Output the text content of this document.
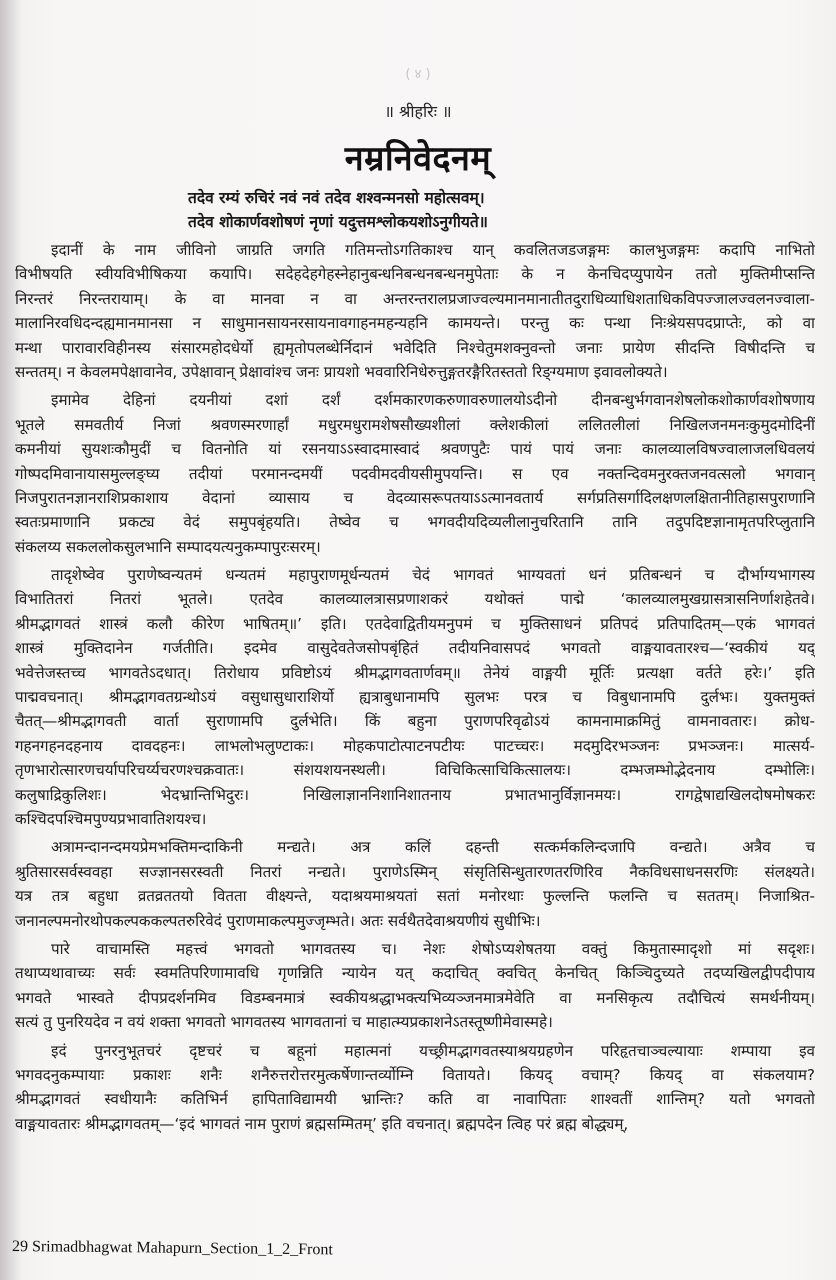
( ४ )
॥ श्रीहरिः ॥
नम्रनिवेदनम्
तदेव रम्यं रुचिरं नवं नवं तदेव शश्वन्मनसो महोत्सवम्।
तदेव शोकार्णवशोषणं नृणां यदुत्तमश्लोकयशोऽनुगीयते॥
इदानीं के नाम जीविनो जाग्रति जगति गतिमन्तोऽगतिकाश्च यान् कवलितजडजङ्गमः कालभुजङ्गमः कदापि नाभितो
विभीषयति स्वीयविभीषिकया कयापि। सदेहदेहगेहस्नेहानुबन्धनिबन्धनबन्धनमुपेताः के न केनचिदप्युपायेन ततो मुक्तिमीप्सन्ति
निरन्तरं निरन्तरायाम्। के वा मानवा न वा अन्तरन्तरालप्रजाज्वल्यमानमानातीतदुराधिव्याधिशताधिकविपज्जालज्वलनज्वाला-
मालानिरवधिदन्दह्यमानमानसा न साधुमानसायनरसायनावगाहनमहन्यहनि कामयन्ते। परन्तु कः पन्था निःश्रेयसपदप्राप्तेः, को वा
मन्था पारावारविहीनस्य संसारमहोदधेर्यो ह्यमृतोपलब्धेर्निदानं भवेदिति निश्चेतुमशक्नुवन्तो जनाः प्रायेण सीदन्ति विषीदन्ति च
सन्ततम्। न केवलमपेक्षावानेव, उपेक्षावान् प्रेक्षावांश्च जनः प्रायशो भववारिनिधेरुत्तुङ्गतरङ्गैरितस्ततो रिङ्ग्यमाण इवावलोक्यते।
इमामेव देहिनां दयनीयां दशां दर्शं दर्शमकारणकरुणावरुणालयोऽदीनो दीनबन्धुर्भगवानशेषलोकशोकार्णवशोषणाय
भूतले समवतीर्य निजां श्रवणस्मरणार्हां मधुरमधुरामशेषसौख्यशीलां क्लेशकीलां ललितलीलां निखिलजनमनःकुमुदमोदिनीं
कमनीयां सुयशःकौमुदीं च वितनोति यां रसनयाऽऽस्वादमास्वादं श्रवणपुटैः पायं पायं जनाः कालव्यालविषज्वालाजलधिवलयं
गोष्पदमिवानायासमुल्लङ्घ्य तदीयां परमानन्दमयीं पदवीमदवीयसीमुपयन्ति। स एव नक्तन्दिवमनुरक्तजनवत्सलो भगवान्
निजपुरातनज्ञानराशिप्रकाशाय वेदानां व्यासाय च वेदव्यासरूपतयाऽऽत्मानवतार्य सर्गप्रतिसर्गादिलक्षणलक्षितानीतिहासपुराणानि
स्वतःप्रमाणानि प्रकट्य वेदं समुपबृंहयति। तेष्वेव च भगवदीयदिव्यलीलानुचरितानि तानि तदुपदिष्टज्ञानामृतपरिप्लुतानि
संकलय्य सकललोकसुलभानि सम्पादयत्यनुकम्पापुरःसरम्।
तादृशेष्वेव पुराणेष्वन्यतमं धन्यतमं महापुराणमूर्धन्यतमं चेदं भागवतं भाग्यवतां धनं प्रतिबन्धनं च दौर्भाग्यभागस्य
विभातितरां नितरां भूतले। एतदेव कालव्यालत्रासप्रणाशकरं यथोक्तं पाद्मे ‘कालव्यालमुखग्रासत्रासनिर्णाशहेतवे।
श्रीमद्भागवतं शास्त्रं कलौ कीरेण भाषितम्॥’ इति। एतदेवाद्वितीयमनुपमं च मुक्तिसाधनं प्रतिपदं प्रतिपादितम्—एकं भागवतं
शास्त्रं मुक्तिदानेन गर्जतीति। इदमेव वासुदेवतेजसोपबृंहितं तदीयनिवासपदं भगवतो वाङ्मयावतारश्च—‘स्वकीयं यद्
भवेत्तेजस्तच्च भागवतेऽदधात्। तिरोधाय प्रविष्टोऽयं श्रीमद्भागवतार्णवम्॥ तेनेयं वाङ्मयी मूर्तिः प्रत्यक्षा वर्तते हरेः।’ इति
पाद्मवचनात्। श्रीमद्भागवतग्रन्थोऽयं वसुधासुधाराशिर्यो ह्यत्राबुधानामपि सुलभः परत्र च विबुधानामपि दुर्लभः। युक्तमुक्तं
चैतत्—श्रीमद्भागवती वार्ता सुराणामपि दुर्लभेति। किं बहुना पुराणपरिवृढोऽयं कामनामाक्रमितुं वामनावतारः। क्रोध-
गहनगहनदहनाय दावदहनः। लाभलोभलुण्टाकः। मोहकपाटोत्पाटनपटीयः पाटच्चरः। मदमुदिरभञ्जनः प्रभञ्जनः। मात्सर्य-
तृणभारोत्सारणचर्यापरिचर्य्यचरणश्चक्रवातः। संशयशयनस्थली। विचिकित्साचिकित्सालयः। दम्भजम्भोद्भेदनाय दम्भोलिः।
कलुषाद्रिकुलिशः। भेदभ्रान्तिभिदुरः। निखिलाज्ञाननिशानिशातनाय प्रभातभानुर्विज्ञानमयः। रागद्वेषाद्यखिलदोषमोषकरः
कश्चिदपश्चिमपुण्यप्रभावातिशयश्च।
अत्रामन्दानन्दमयप्रेमभक्तिमन्दाकिनी मन्द्यते। अत्र कलिं दहन्ती सत्कर्मकलिन्दजापि वन्द्यते। अत्रैव च
श्रुतिसारसर्वस्ववहा सज्ज्ञानसरस्वती नितरां नन्द्यते। पुराणेऽस्मिन् संसृतिसिन्धुतारणतरणिरिव नैकविधसाधनसरणिः संलक्ष्यते।
यत्र तत्र बहुधा व्रतव्रततयो वितता वीक्ष्यन्ते, यदाश्रयमाश्रयतां सतां मनोरथाः फुल्लन्ति फलन्ति च सततम्। निजाश्रित-
जनानल्पमनोरथोपकल्पककल्पतरुरिवेदं पुराणमाकल्पमुज्जृम्भते। अतः सर्वथैतदेवाश्रयणीयं सुधीभिः।
पारे वाचामस्ति महत्त्वं भगवतो भागवतस्य च। नेशः शेषोऽप्यशेषतया वक्तुं किमुतास्मादृशो मां सदृशः।
तथाप्यथावाच्यः सर्वः स्वमतिपरिणामावधि गृणन्निति न्यायेन यत् कदाचित् क्वचित् केनचित् किञ्चिदुच्यते तदप्यखिलद्वीपदीपाय
भगवते भास्वते दीपप्रदर्शनमिव विडम्बनमात्रं स्वकीयश्रद्धाभक्त्यभिव्यञ्जनमात्रमेवेति वा मनसिकृत्य तदौचित्यं समर्थनीयम्।
सत्यं तु पुनरियदेव न वयं शक्ता भगवतो भागवतस्य भागवतानां च माहात्म्यप्रकाशनेऽतस्तूष्णीमेवास्महे।
इदं पुनरनुभूतचरं दृष्टचरं च बहूनां महात्मनां यच्छ्रीमद्भागवतस्याश्रयग्रहणेन परिहृतचाञ्चल्यायाः शम्पाया इव
भगवदनुकम्पायाः प्रकाशः शनैः शनैरुत्तरोत्तरमुत्कर्षेणान्तर्व्योम्नि वितायते। कियद् वचाम्? कियद् वा संकलयाम?
श्रीमद्भागवतं स्वधीयानैः कतिभिर्न हापिताविद्यामयी भ्रान्तिः? कति वा नावापिताः शाश्वतीं शान्तिम्? यतो भगवतो
वाङ्मयावतारः श्रीमद्भागवतम्—‘इदं भागवतं नाम पुराणं ब्रह्मसम्मितम्’ इति वचनात्। ब्रह्मपदेन त्विह परं ब्रह्म बोद्ध्यम्,
29 Srimadbhagwat Mahapurn_Section_1_2_Front
